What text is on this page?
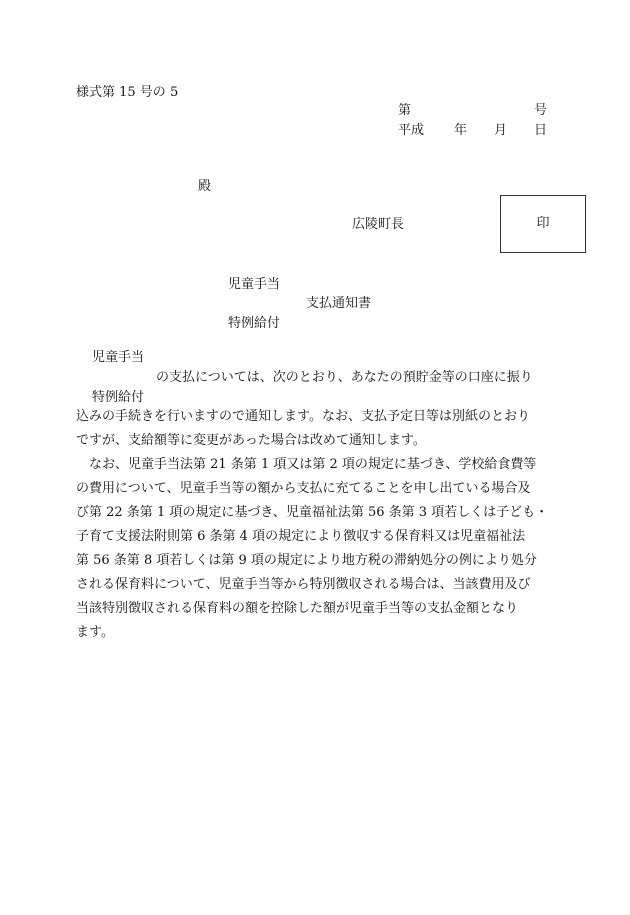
様式第 15 号の 5
第	号
平成 年 月 日
殿
広陵町長	印
児童手当
支払通知書
特例給付
児童手当
の支払については、次のとおり、あなたの預貯金等の口座に振り
特例給付
込みの手続きを行いますので通知します。なお、支払予定日等は別紙のとおり
ですが、支給額等に変更があった場合は改めて通知します。
　なお、児童手当法第 21 条第 1 項又は第 2 項の規定に基づき、学校給食費等
の費用について、児童手当等の額から支払に充てることを申し出ている場合及
び第 22 条第 1 項の規定に基づき、児童福祉法第 56 条第 3 項若しくは子ども・
子育て支援法附則第 6 条第 4 項の規定により徴収する保育料又は児童福祉法
第 56 条第 8 項若しくは第 9 項の規定により地方税の滞納処分の例により処分
される保育料について、児童手当等から特別徴収される場合は、当該費用及び
当該特別徴収される保育料の額を控除した額が児童手当等の支払金額となり
ます。
